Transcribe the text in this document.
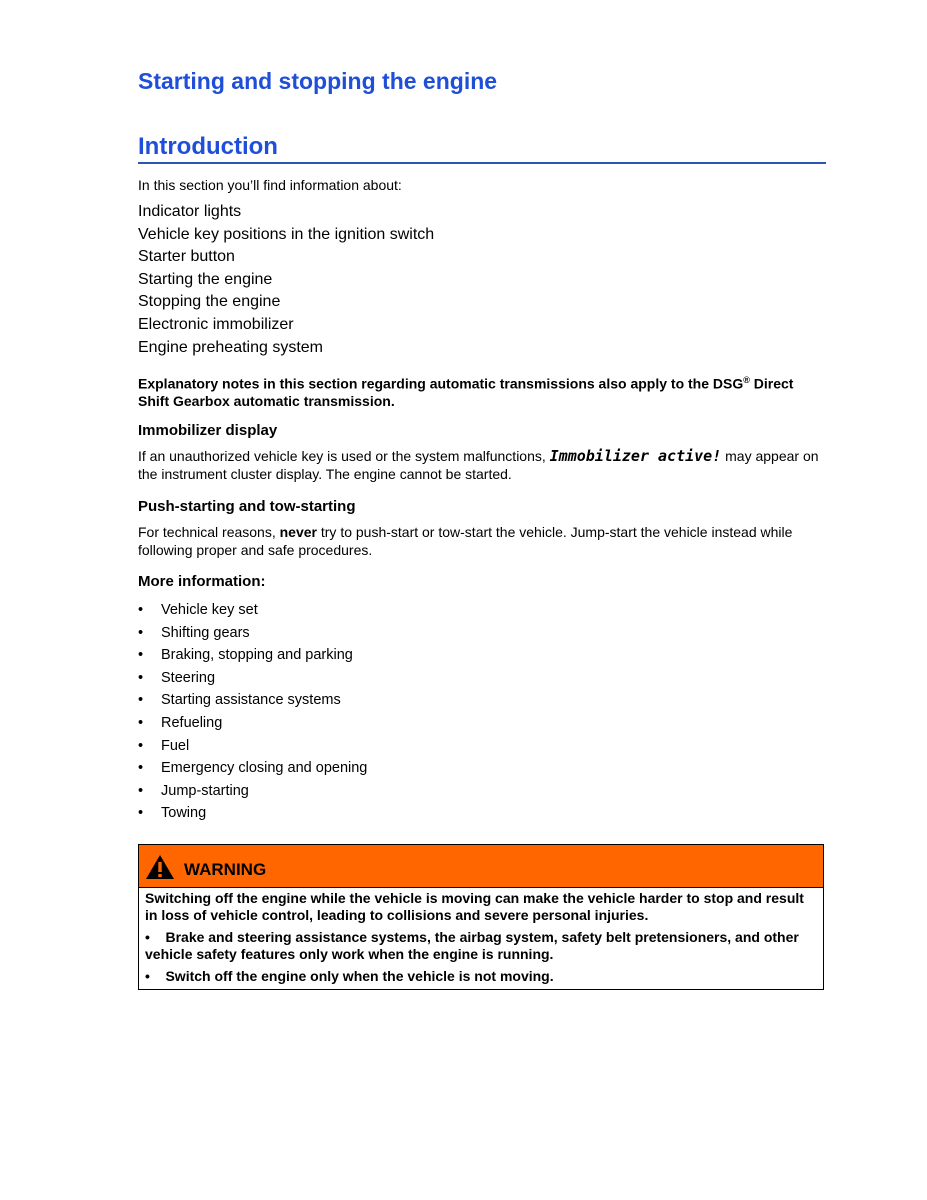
Starting and stopping the engine
Introduction
In this section you’ll find information about:
Indicator lights
Vehicle key positions in the ignition switch
Starter button
Starting the engine
Stopping the engine
Electronic immobilizer
Engine preheating system
Explanatory notes in this section regarding automatic transmissions also apply to the DSG® Direct Shift Gearbox automatic transmission.
Immobilizer display
If an unauthorized vehicle key is used or the system malfunctions, Immobilizer active! may appear on the instrument cluster display. The engine cannot be started.
Push-starting and tow-starting
For technical reasons, never try to push-start or tow-start the vehicle. Jump-start the vehicle instead while following proper and safe procedures.
More information:
• Vehicle key set
• Shifting gears
• Braking, stopping and parking
• Steering
• Starting assistance systems
• Refueling
• Fuel
• Emergency closing and opening
• Jump-starting
• Towing
WARNING

Switching off the engine while the vehicle is moving can make the vehicle harder to stop and result in loss of vehicle control, leading to collisions and severe personal injuries.

• Brake and steering assistance systems, the airbag system, safety belt pretensioners, and other vehicle safety features only work when the engine is running.

• Switch off the engine only when the vehicle is not moving.
